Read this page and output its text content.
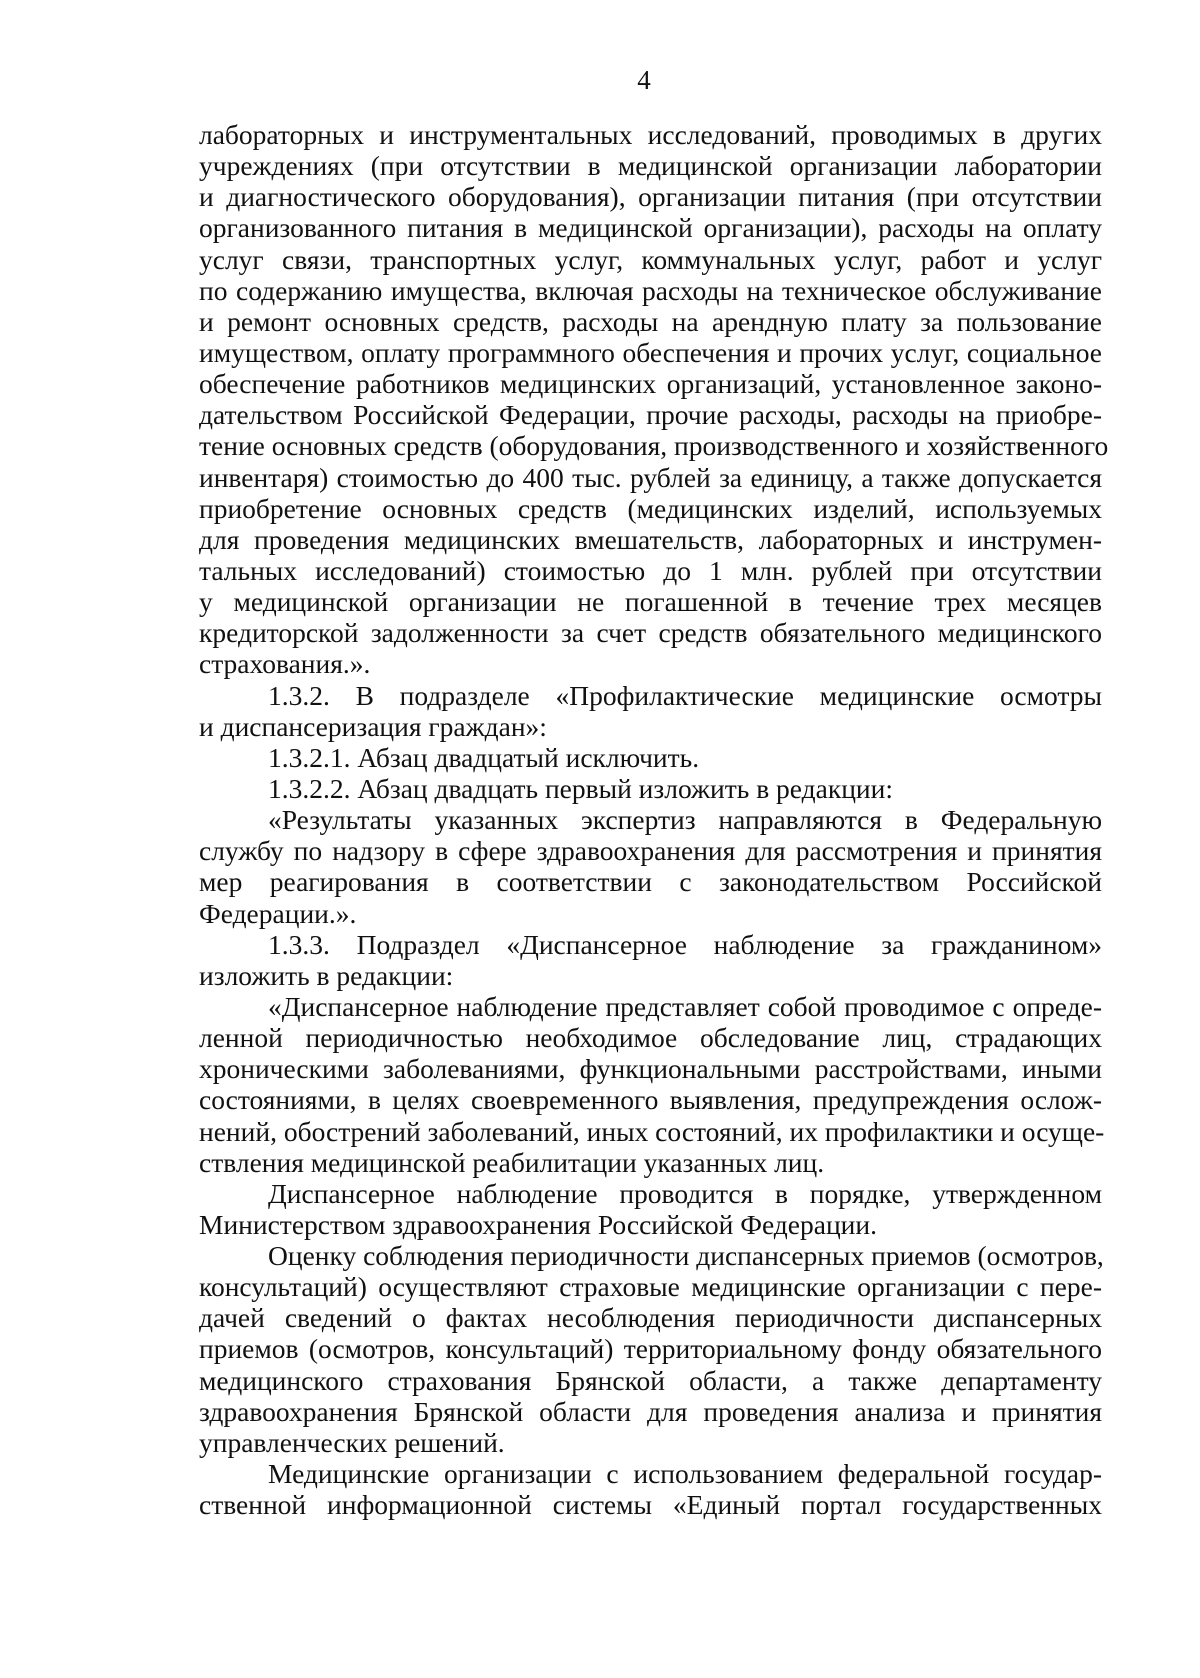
4
лабораторных и инструментальных исследований, проводимых в других
учреждениях (при отсутствии в медицинской организации лаборатории
и диагностического оборудования), организации питания (при отсутствии
организованного питания в медицинской организации), расходы на оплату
услуг связи, транспортных услуг, коммунальных услуг, работ и услуг
по содержанию имущества, включая расходы на техническое обслуживание
и ремонт основных средств, расходы на арендную плату за пользование
имуществом, оплату программного обеспечения и прочих услуг, социальное
обеспечение работников медицинских организаций, установленное законо-
дательством Российской Федерации, прочие расходы, расходы на приобре-
тение основных средств (оборудования, производственного и хозяйственного
инвентаря) стоимостью до 400 тыс. рублей за единицу, а также допускается
приобретение основных средств (медицинских изделий, используемых
для проведения медицинских вмешательств, лабораторных и инструмен-
тальных исследований) стоимостью до 1 млн. рублей при отсутствии
у медицинской организации не погашенной в течение трех месяцев
кредиторской задолженности за счет средств обязательного медицинского
страхования.».
1.3.2. В подразделе «Профилактические медицинские осмотры
и диспансеризация граждан»:
1.3.2.1. Абзац двадцатый исключить.
1.3.2.2. Абзац двадцать первый изложить в редакции:
«Результаты указанных экспертиз направляются в Федеральную
службу по надзору в сфере здравоохранения для рассмотрения и принятия
мер реагирования в соответствии с законодательством Российской
Федерации.».
1.3.3. Подраздел «Диспансерное наблюдение за гражданином»
изложить в редакции:
«Диспансерное наблюдение представляет собой проводимое с опреде-
ленной периодичностью необходимое обследование лиц, страдающих
хроническими заболеваниями, функциональными расстройствами, иными
состояниями, в целях своевременного выявления, предупреждения ослож-
нений, обострений заболеваний, иных состояний, их профилактики и осуще-
ствления медицинской реабилитации указанных лиц.
Диспансерное наблюдение проводится в порядке, утвержденном
Министерством здравоохранения Российской Федерации.
Оценку соблюдения периодичности диспансерных приемов (осмотров,
консультаций) осуществляют страховые медицинские организации с пере-
дачей сведений о фактах несоблюдения периодичности диспансерных
приемов (осмотров, консультаций) территориальному фонду обязательного
медицинского страхования Брянской области, а также департаменту
здравоохранения Брянской области для проведения анализа и принятия
управленческих решений.
Медицинские организации с использованием федеральной государ-
ственной информационной системы «Единый портал государственных
